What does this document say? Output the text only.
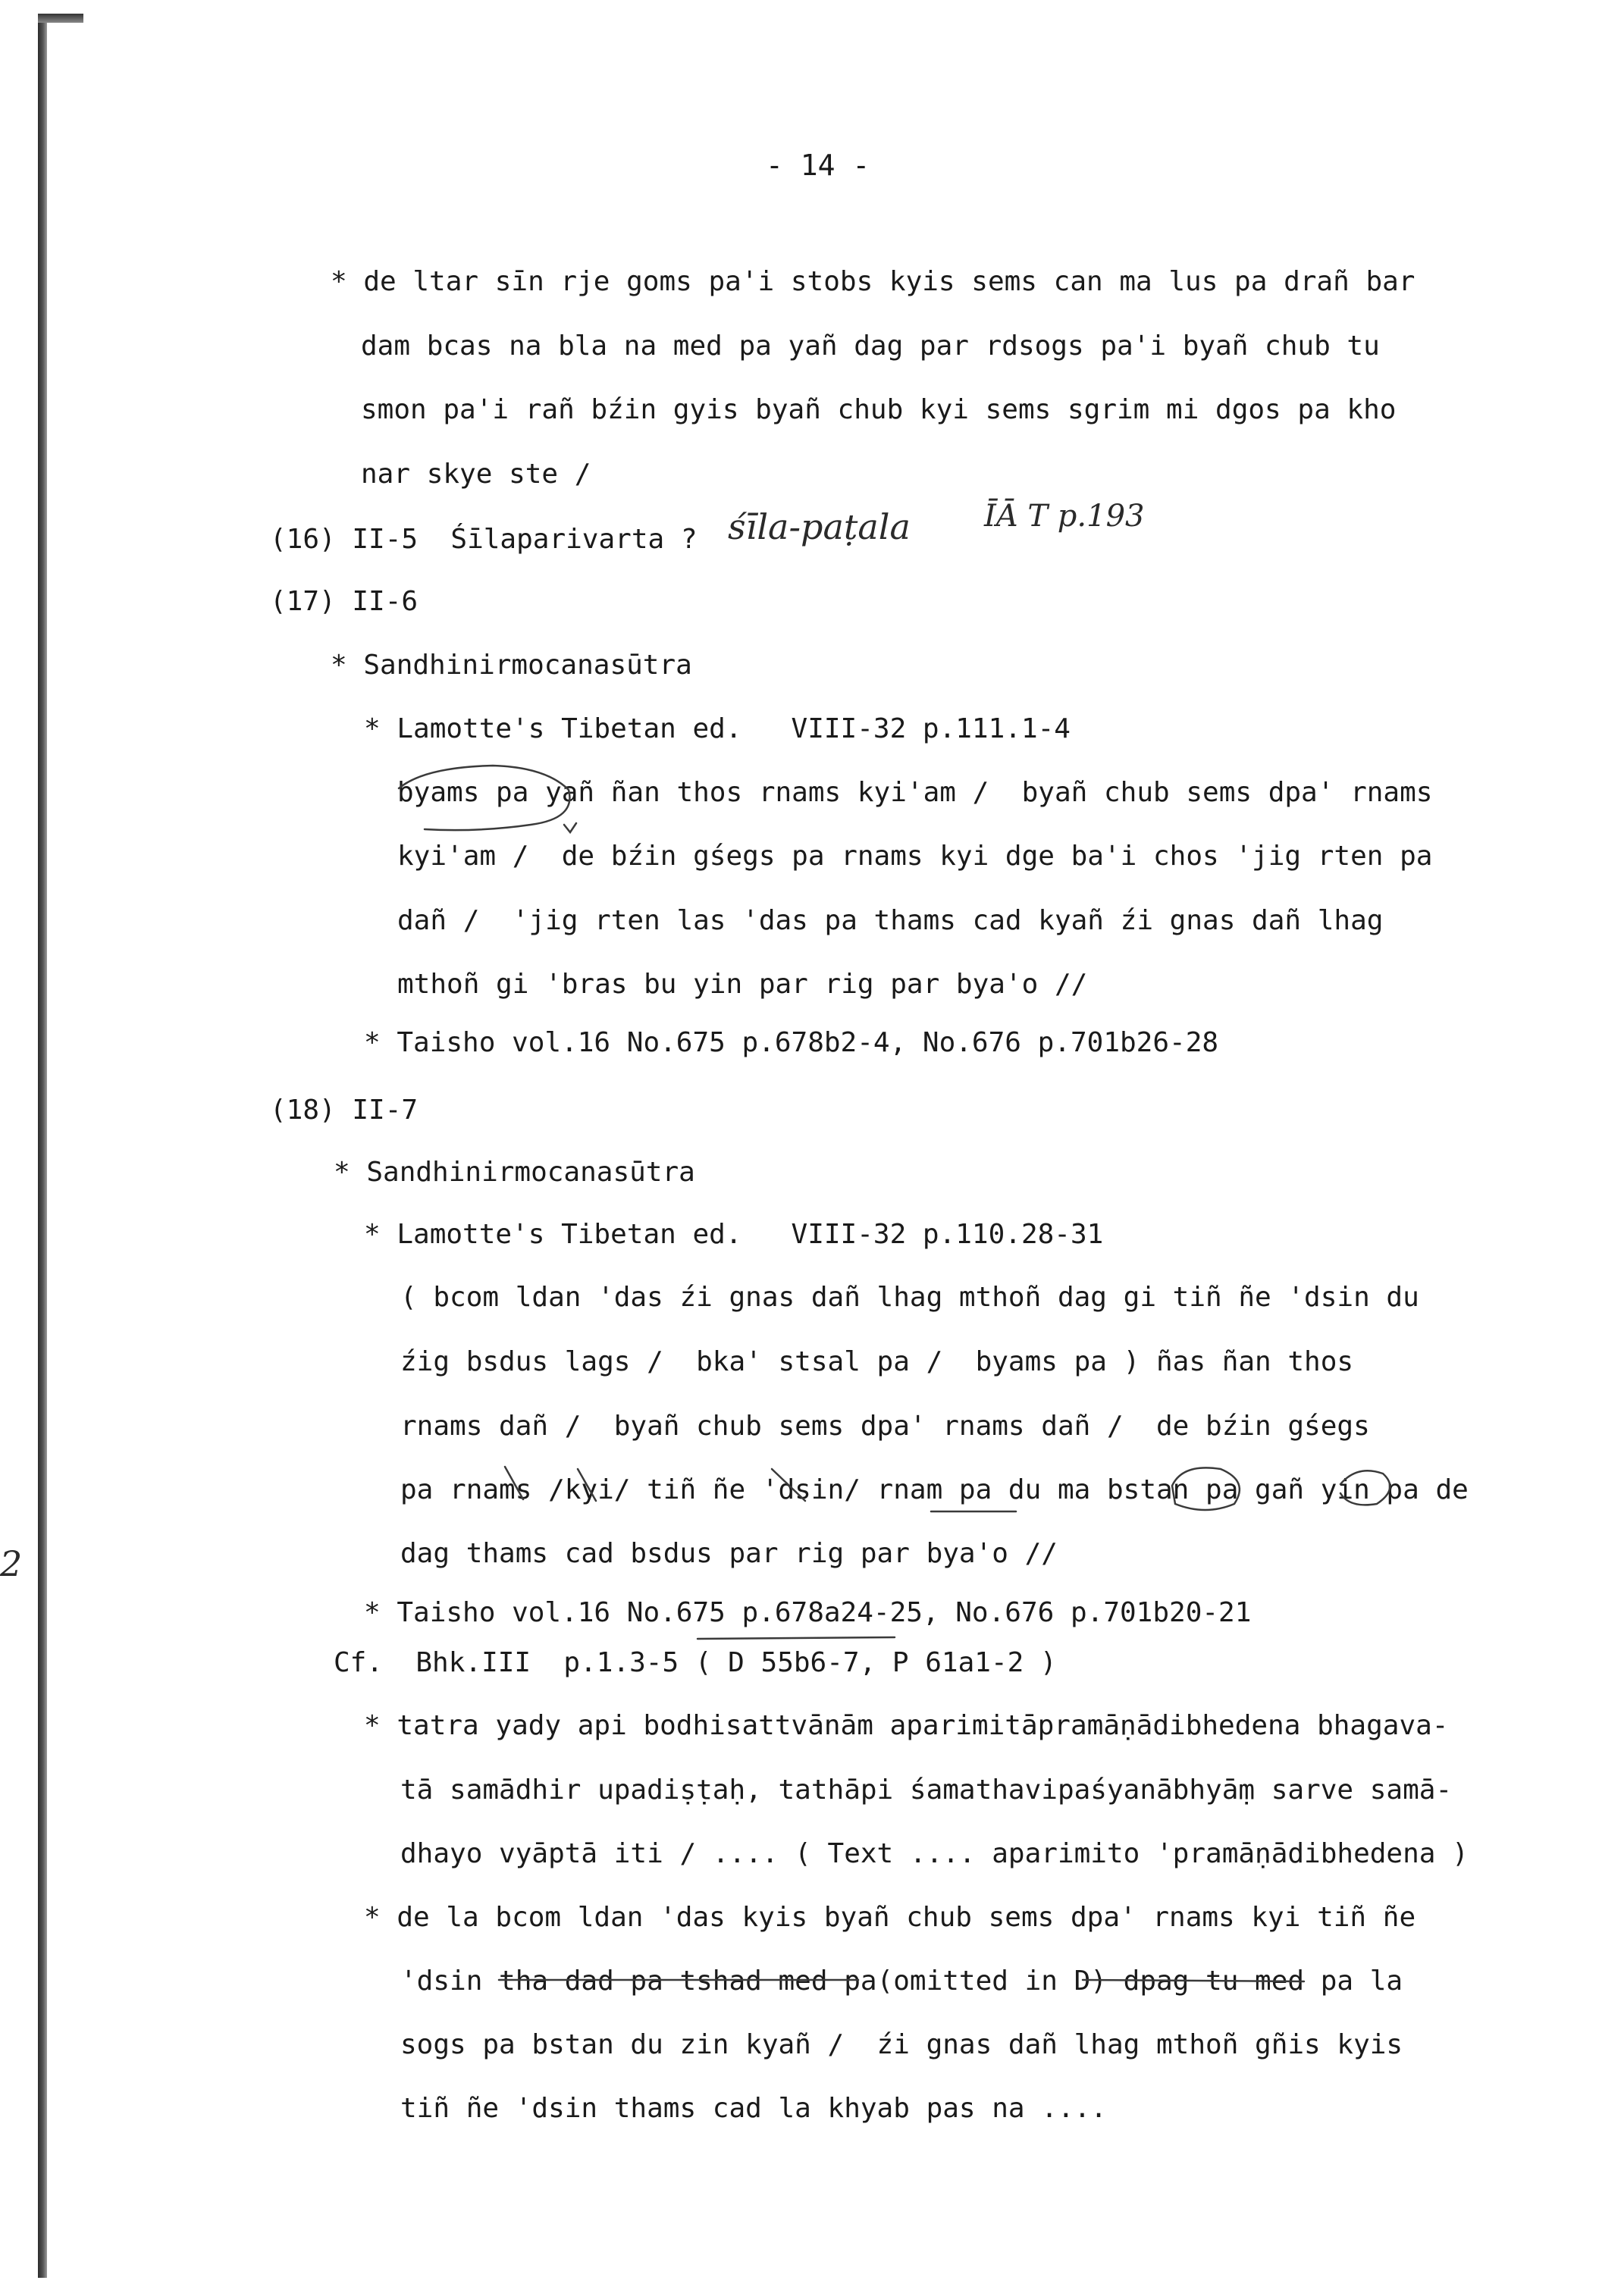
- 14 -
* de ltar sīn rje goms pa'i stobs kyis sems can ma lus pa drañ bar
dam bcas na bla na med pa yañ dag par rdsogs pa'i byañ chub tu
smon pa'i rañ bźin gyis byañ chub kyi sems sgrim mi dgos pa kho
nar skye ste /
(16) II-5  Śīlaparivarta ?
(17) II-6
* Sandhinirmocanasūtra
* Lamotte's Tibetan ed.   VIII-32 p.111.1-4
byams pa yañ ñan thos rnams kyi'am /  byañ chub sems dpa' rnams
kyi'am /  de bźin gśegs pa rnams kyi dge ba'i chos 'jig rten pa
dañ /  'jig rten las 'das pa thams cad kyañ źi gnas dañ lhag
mthoñ gi 'bras bu yin par rig par bya'o //
* Taisho vol.16 No.675 p.678b2-4, No.676 p.701b26-28
(18) II-7
* Sandhinirmocanasūtra
* Lamotte's Tibetan ed.   VIII-32 p.110.28-31
( bcom ldan 'das źi gnas dañ lhag mthoñ dag gi tiñ ñe 'dsin du
źig bsdus lags /  bka' stsal pa /  byams pa ) ñas ñan thos
rnams dañ /  byañ chub sems dpa' rnams dañ /  de bźin gśegs
pa rnams /kyi/ tiñ ñe 'dsin/ rnam pa du ma bstan pa gañ yin pa de
dag thams cad bsdus par rig par bya'o //
* Taisho vol.16 No.675 p.678a24-25, No.676 p.701b20-21
Cf.  Bhk.III  p.1.3-5 ( D 55b6-7, P 61a1-2 )
* tatra yady api bodhisattvānām aparimitāpramāṇādibhedena bhagava-
tā samādhir upadiṣṭaḥ, tathāpi śamathavipaśyanābhyāṃ sarve samā-
dhayo vyāptā iti / .... ( Text .... aparimito 'pramāṇādibhedena )
* de la bcom ldan 'das kyis byañ chub sems dpa' rnams kyi tiñ ñe
'dsin tha dad pa tshad med pa(omitted in D) dpag tu med pa la
sogs pa bstan du zin kyañ /  źi gnas dañ lhag mthoñ gñis kyis
tiñ ñe 'dsin thams cad la khyab pas na ....
śīla-paṭala ĪĀ T p.193
2
